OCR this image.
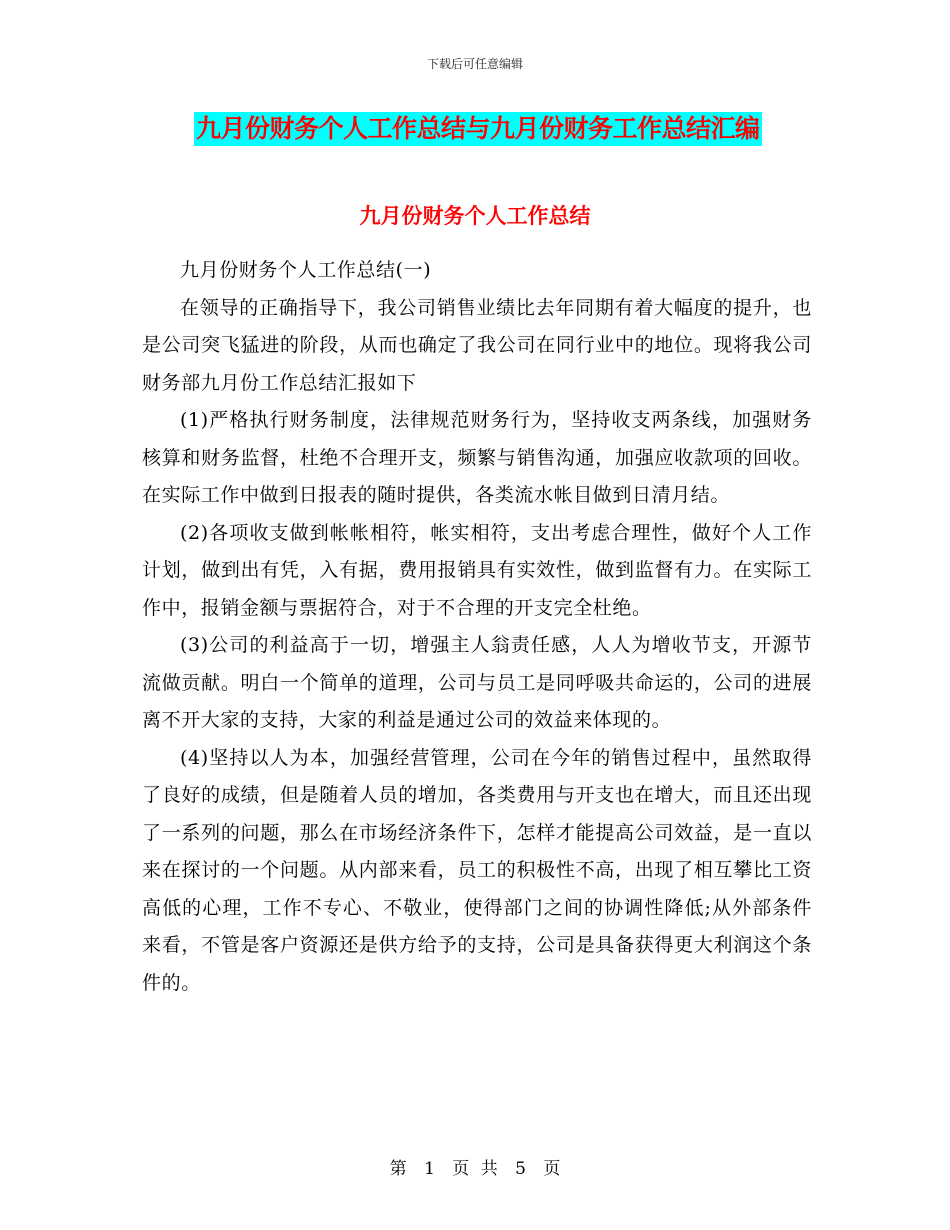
下载后可任意编辑
九月份财务个人工作总结与九月份财务工作总结汇编
九月份财务个人工作总结

九月份财务个人工作总结(一)

在领导的正确指导下，我公司销售业绩比去年同期有着大幅度的提升，也是公司突飞猛进的阶段，从而也确定了我公司在同行业中的地位。现将我公司财务部九月份工作总结汇报如下

(1)严格执行财务制度，法律规范财务行为，坚持收支两条线，加强财务核算和财务监督，杜绝不合理开支，频繁与销售沟通，加强应收款项的回收。在实际工作中做到日报表的随时提供，各类流水帐目做到日清月结。

(2)各项收支做到帐帐相符，帐实相符，支出考虑合理性，做好个人工作计划，做到出有凭，入有据，费用报销具有实效性，做到监督有力。在实际工作中，报销金额与票据符合，对于不合理的开支完全杜绝。

(3)公司的利益高于一切，增强主人翁责任感，人人为增收节支，开源节流做贡献。明白一个简单的道理，公司与员工是同呼吸共命运的，公司的进展离不开大家的支持，大家的利益是通过公司的效益来体现的。

(4)坚持以人为本，加强经营管理，公司在今年的销售过程中，虽然取得了良好的成绩，但是随着人员的增加，各类费用与开支也在增大，而且还出现了一系列的问题，那么在市场经济条件下，怎样才能提高公司效益，是一直以来在探讨的一个问题。从内部来看，员工的积极性不高，出现了相互攀比工资高低的心理，工作不专心、不敬业，使得部门之间的协调性降低;从外部条件来看，不管是客户资源还是供方给予的支持，公司是具备获得更大利润这个条件的。

第 1 页 共 5 页
